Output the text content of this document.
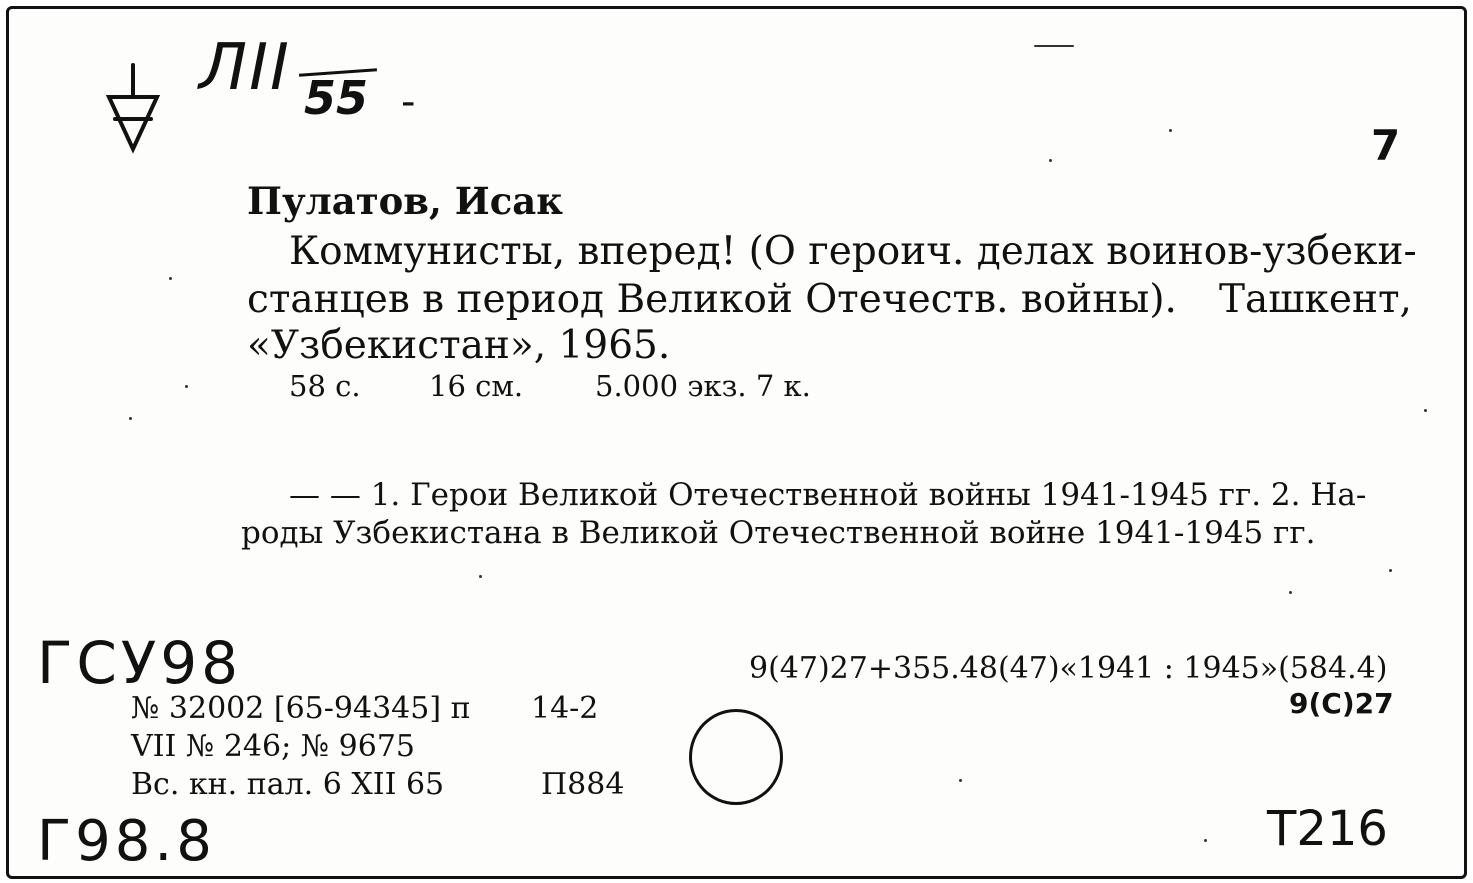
ЛII 55 -
7
Пулатов, Исак
Коммунисты, вперед! (О героич. делах воинов-узбеки-
станцев в период Великой Отечеств. войны). Ташкент,
«Узбекистан», 1965.
58 с. 16 см. 5.000 экз. 7 к.
— — 1. Герои Великой Отечественной войны 1941-1945 гг. 2. На-
роды Узбекистана в Великой Отечественной войне 1941-1945 гг.
ГСУ98	9(47)27+355.48(47)«1941 : 1945»(584.4)
9(С)27
№ 32002 [65-94345] п 14-2
VII № 246; № 9675
Вс. кн. пал. 6 XII 65	П884
Г98.8	Т216
